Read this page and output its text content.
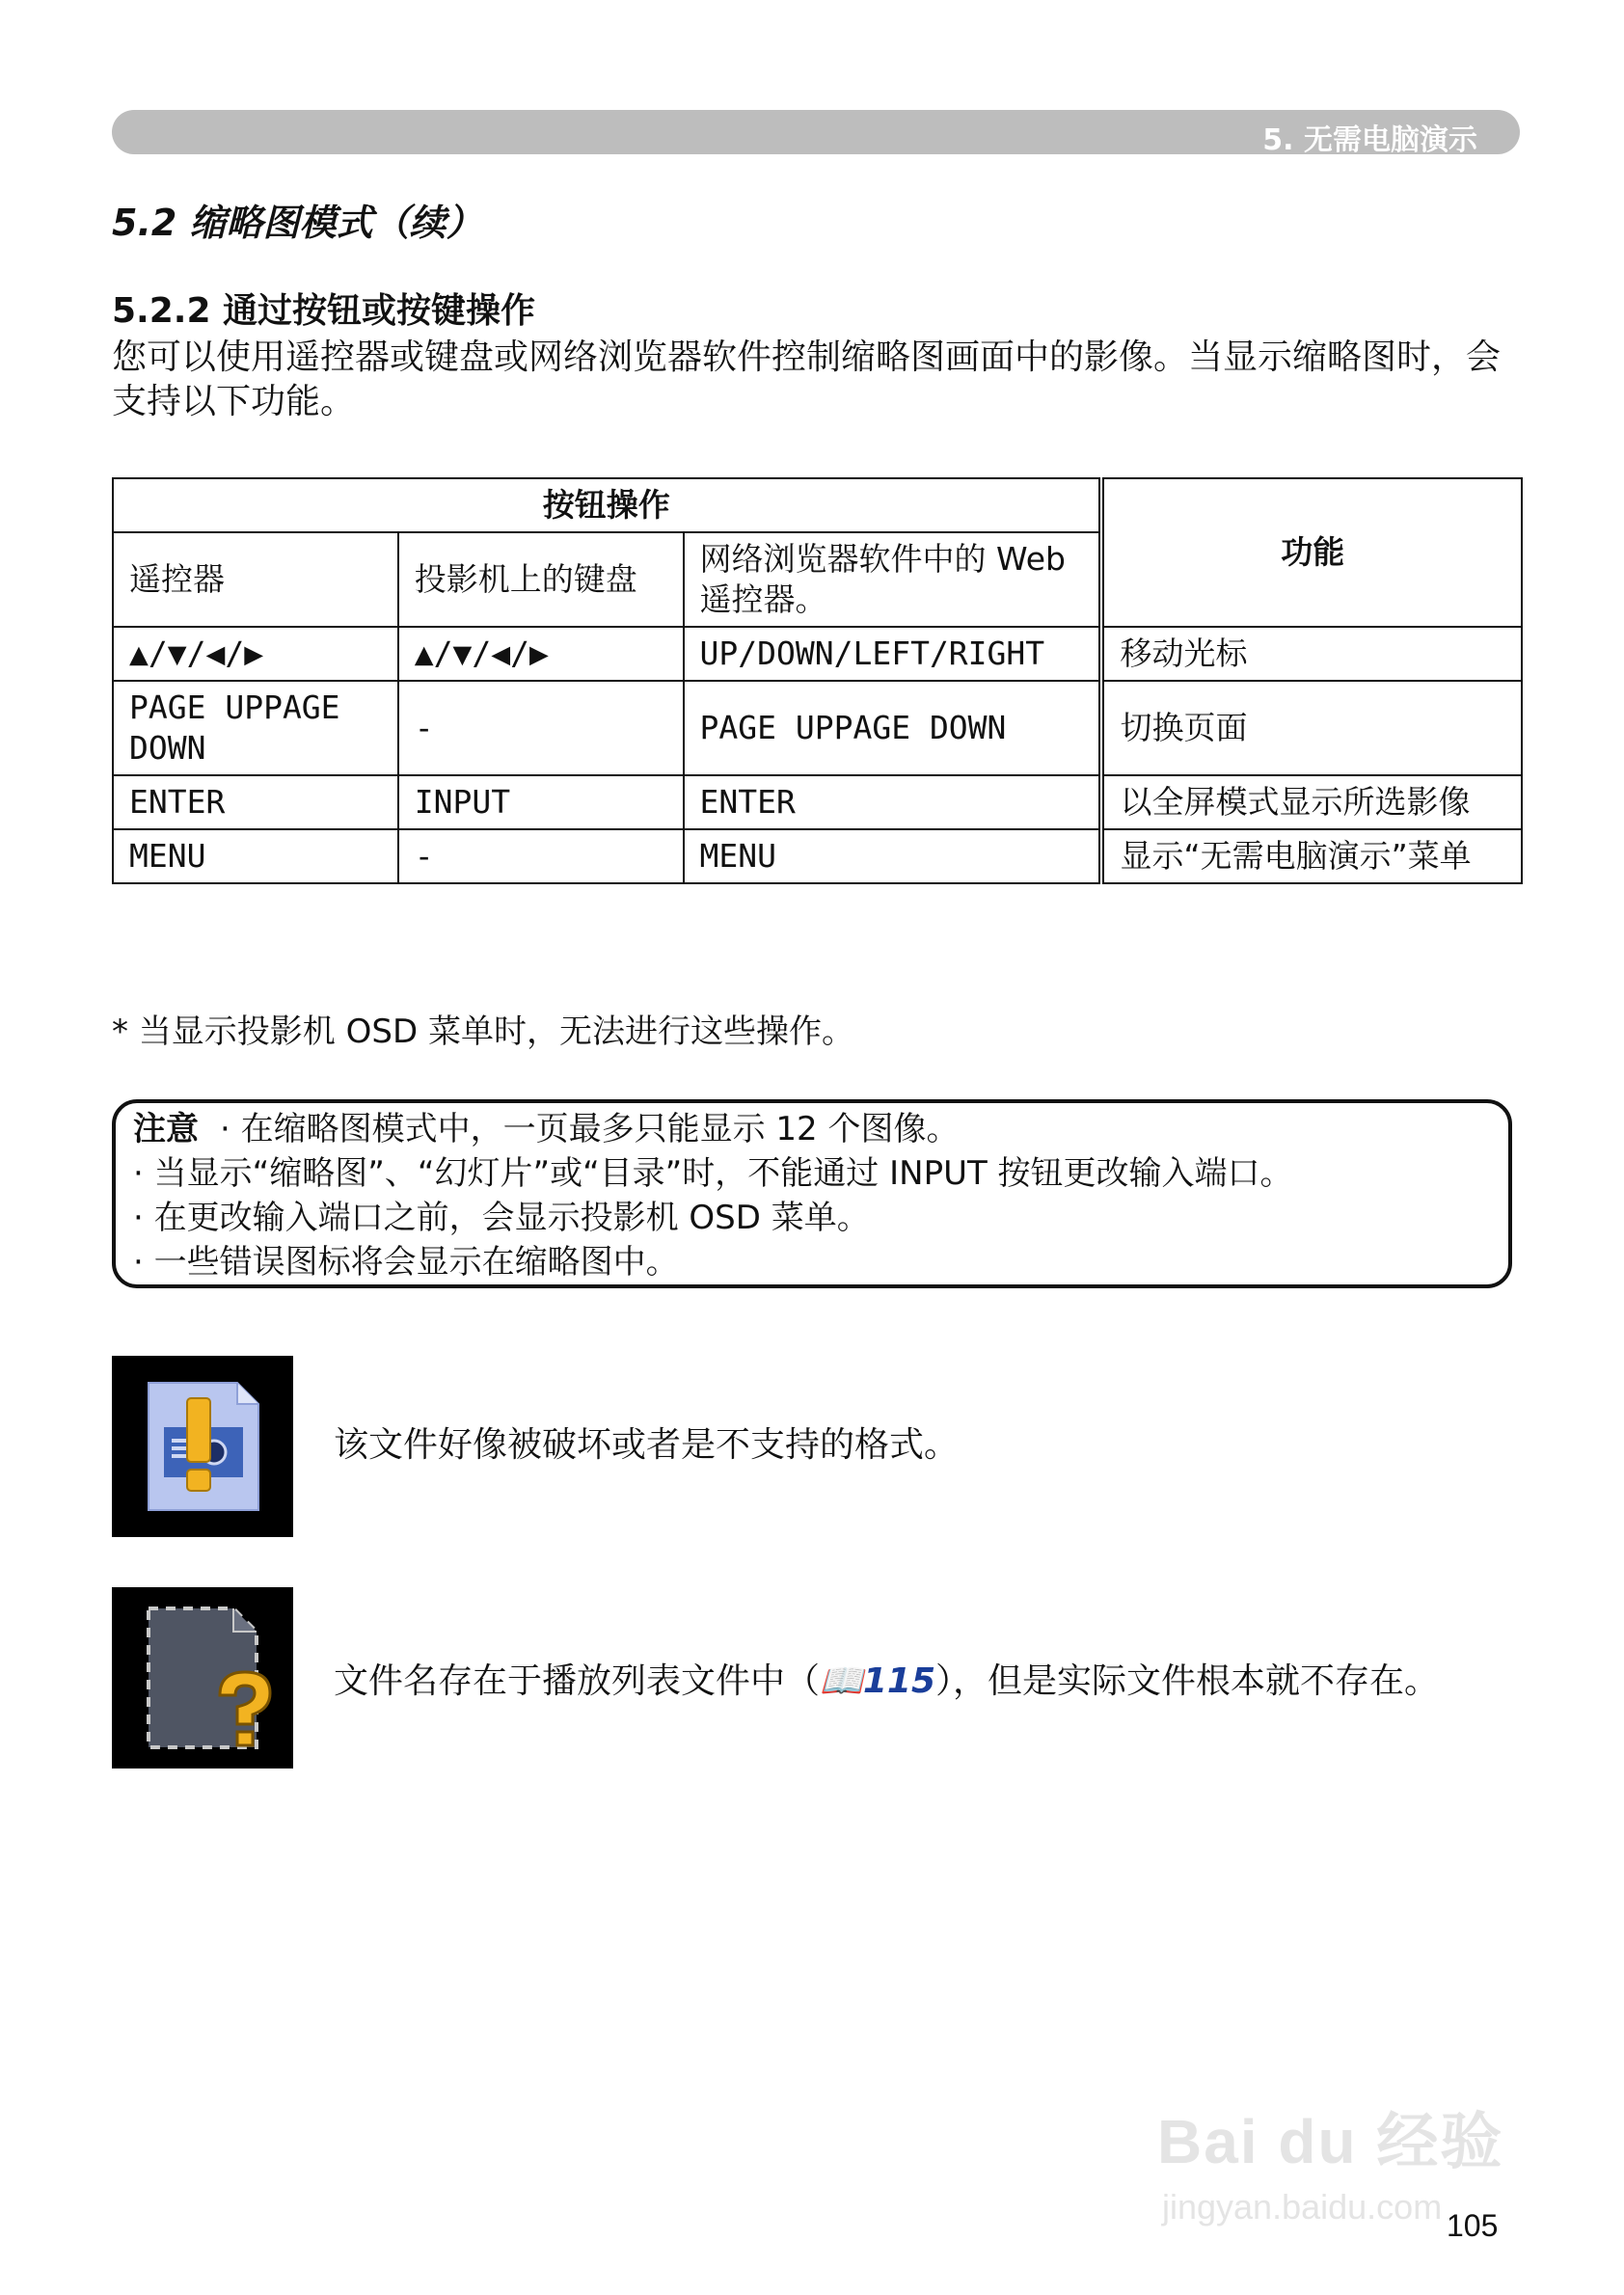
5. 无需电脑演示
5.2 缩略图模式（续）
5.2.2 通过按钮或按键操作
您可以使用遥控器或键盘或网络浏览器软件控制缩略图画面中的影像。当显示缩略图时，会支持以下功能。
按钮操作			功能
遥控器	投影机上的键盘	网络浏览器软件中的 Web 遥控器。	
▲/▼/◀/▶	▲/▼/◀/▶	UP/DOWN/LEFT/RIGHT	移动光标
PAGE UPPAGE DOWN	-	PAGE UPPAGE DOWN	切换页面
ENTER	INPUT	ENTER	以全屏模式显示所选影像
MENU	-	MENU	显示“无需电脑演示”菜单
* 当显示投影机 OSD 菜单时，无法进行这些操作。
注意 · 在缩略图模式中，一页最多只能显示 12 个图像。
· 当显示“缩略图”、“幻灯片”或“目录”时，不能通过 INPUT 按钮更改输入端口。
· 在更改输入端口之前，会显示投影机 OSD 菜单。
· 一些错误图标将会显示在缩略图中。
该文件好像被破坏或者是不支持的格式。
文件名存在于播放列表文件中（📖115），但是实际文件根本就不存在。
Bai du 经验
jingyan.baidu.com 105
